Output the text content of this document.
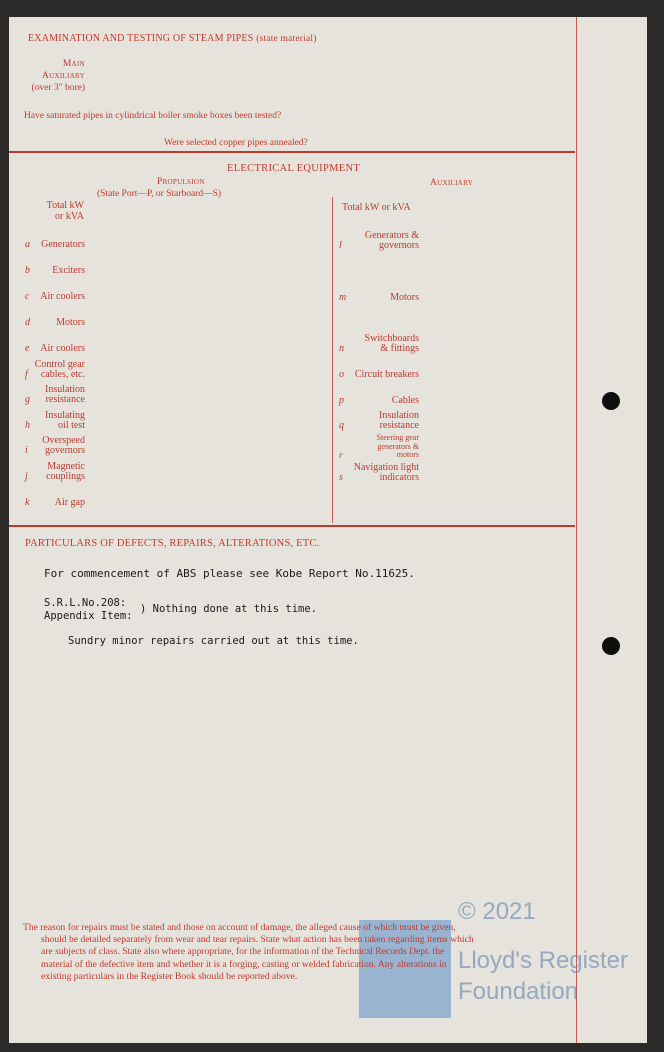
EXAMINATION AND TESTING OF STEAM PIPES (state material)
Main
Auxiliary
(over 3" bore)
Have saturated pipes in cylindrical boiler smoke boxes been tested?
Were selected copper pipes annealed?
ELECTRICAL EQUIPMENT
Propulsion
(State Port—P, or Starboard—S)
Auxiliary
Total kW
or kVA
Total kW or kVA
a Generators
b Exciters
c Air coolers
d	Motors
e Air coolers
f
Control gear
cables, etc.
g
Insulation
resistance
h
Insulating
oil test
i
Overspeed
governors
j
Magnetic
couplings
k	Air gap
l
Generators &
governors
m	Motors
n
Switchboards
& fittings
o Circuit breakers
p	Cables
q
Insulation
resistance
r
Steering gear
generators &
motors
s
Navigation light
indicators
PARTICULARS OF DEFECTS, REPAIRS, ALTERATIONS, ETC.
For commencement of ABS please see Kobe Report No.11625.
S.R.L.No.208:
Appendix Item:
) Nothing done at this time.
Sundry minor repairs carried out at this time.
© 2021
Lloyd's Register
Foundation
The reason for repairs must be stated and those on account of damage, the alleged cause of which must be given,
should be detailed separately from wear and tear repairs. State what action has been taken regarding items which
are subjects of class. State also where appropriate, for the information of the Technical Records Dept. the
material of the defective item and whether it is a forging, casting or welded fabrication. Any alterations in
existing particulars in the Register Book should be reported above.
